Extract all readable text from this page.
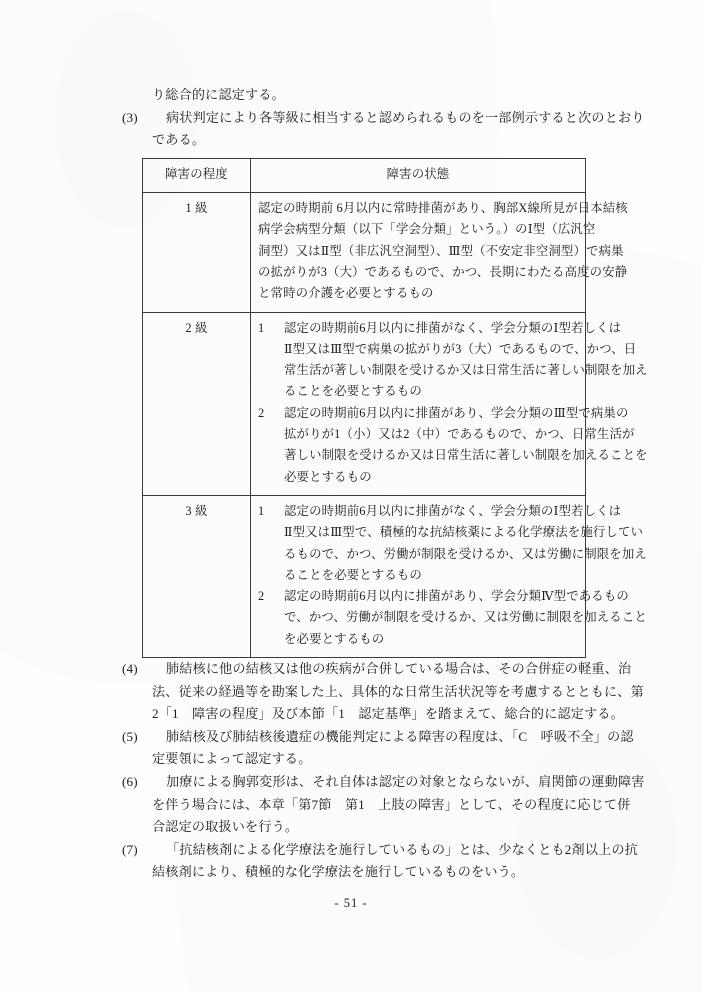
り総合的に認定する。
(3)	病状判定により各等級に相当すると認められるものを一部例示すると次のとおり
である。
障害の程度	障害の状態
1 級	認定の時期前 6月以内に常時排菌があり、胸部X線所見が日本結核
病学会病型分類（以下「学会分類」という。）のⅠ型（広汎空
洞型）又はⅡ型（非広汎空洞型）、Ⅲ型（不安定非空洞型）で病巣
の拡がりが3（大）であるもので、かつ、長期にわたる高度の安静
と常時の介護を必要とするもの

2 級	1	認定の時期前6月以内に排菌がなく、学会分類のⅠ型若しくは
Ⅱ型又はⅢ型で病巣の拡がりが3（大）であるもので、かつ、日
常生活が著しい制限を受けるか又は日常生活に著しい制限を加え
ることを必要とするもの
2	認定の時期前6月以内に排菌があり、学会分類のⅢ型で病巣の
拡がりが1（小）又は2（中）であるもので、かつ、日常生活が
著しい制限を受けるか又は日常生活に著しい制限を加えることを
必要とするもの

3 級	1	認定の時期前6月以内に排菌がなく、学会分類のⅠ型若しくは
Ⅱ型又はⅢ型で、積極的な抗結核薬による化学療法を施行してい
るもので、かつ、労働が制限を受けるか、又は労働に制限を加え
ることを必要とするもの
2	認定の時期前6月以内に排菌があり、学会分類Ⅳ型であるもの
で、かつ、労働が制限を受けるか、又は労働に制限を加えること
を必要とするもの
(4)	肺結核に他の結核又は他の疾病が合併している場合は、その合併症の軽重、治
法、従来の経過等を勘案した上、具体的な日常生活状況等を考慮するとともに、第
2「1　障害の程度」及び本節「1　認定基準」を踏まえて、総合的に認定する。
(5)	肺結核及び肺結核後遺症の機能判定による障害の程度は、「C　呼吸不全」の認
定要領によって認定する。
(6)	加療による胸郭変形は、それ自体は認定の対象とならないが、肩関節の運動障害
を伴う場合には、本章「第7節　第1　上肢の障害」として、その程度に応じて併
合認定の取扱いを行う。
(7)	「抗結核剤による化学療法を施行しているもの」とは、少なくとも2剤以上の抗
結核剤により、積極的な化学療法を施行しているものをいう。
- 51 -
